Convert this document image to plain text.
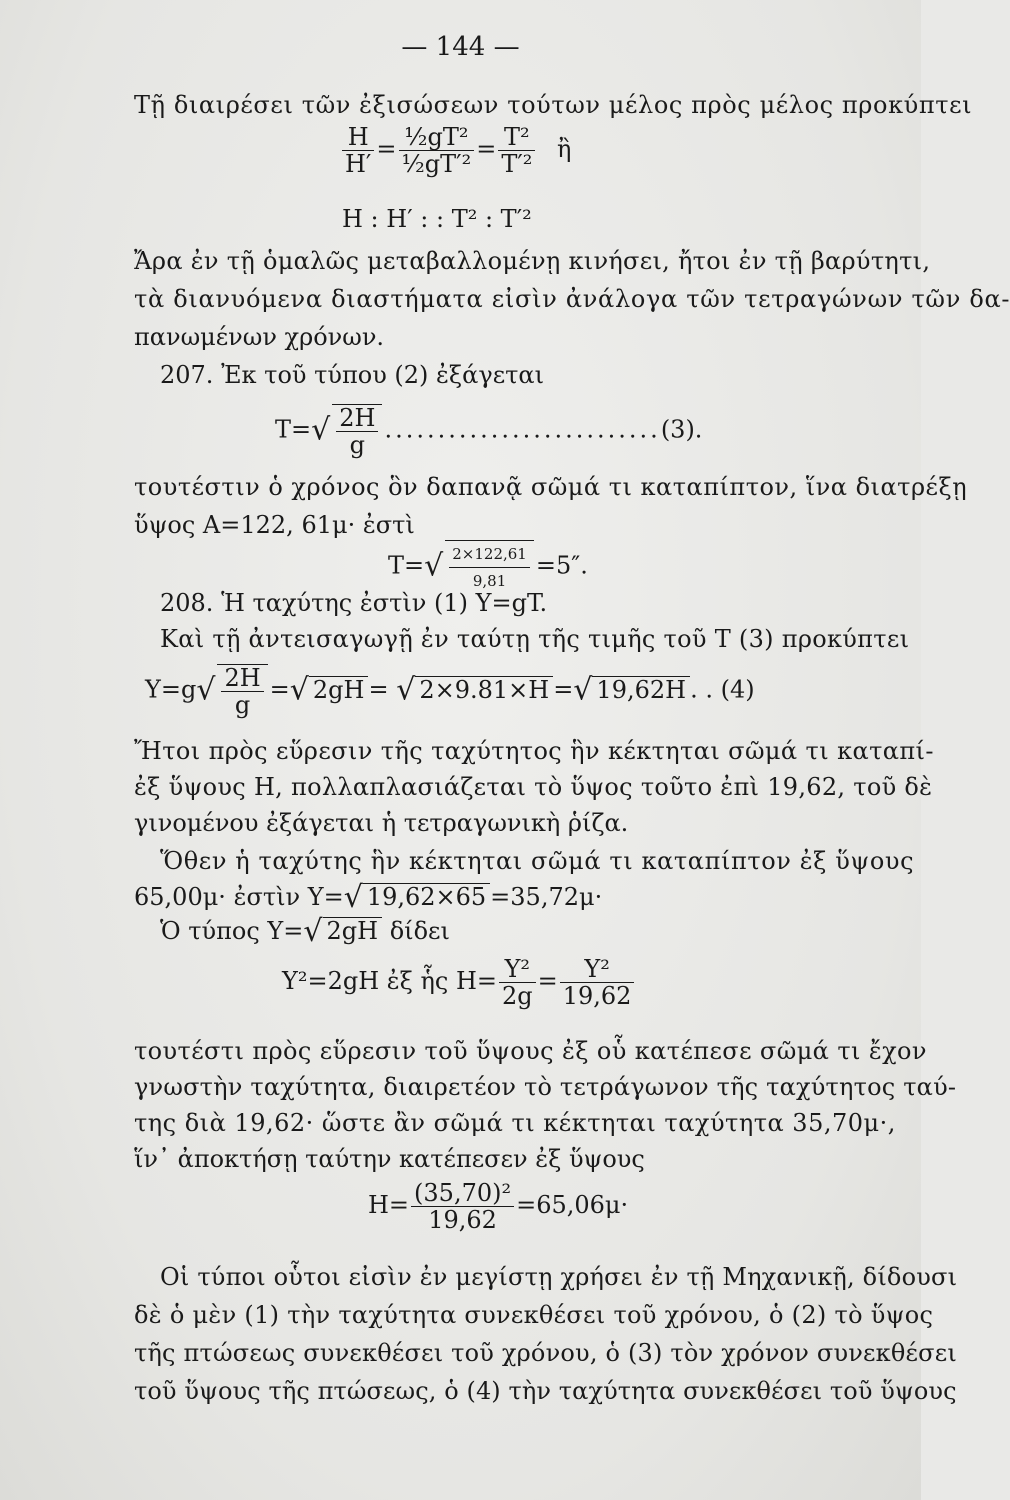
— 144 —
Τῇ διαιρέσει τῶν ἐξισώσεων τούτων μέλος πρὸς μέλος προκύπτει
$\frac{H}{H'} = \frac{\text{½gT²}}{\text{½gT′²}} = \frac{\text{T²}}{\text{T′²}}$ ἢ
H : H′ : : T² : T′²
Ἄρα ἐν τῇ ὁμαλῶς μεταβαλλομένῃ κινήσει, ἤτοι ἐν τῇ βαρύτητι,
τὰ διανυόμενα διαστήματα εἰσὶν ἀνάλογα τῶν τετραγώνων τῶν δα-
πανωμένων χρόνων.
207. Ἐκ τοῦ τύπου (2) ἐξάγεται
$T=√ \frac{2H}{g} ..........................(3)$.
τουτέστιν ὁ χρόνος ὃν δαπανᾷ σῶμά τι καταπίπτον, ἵνα διατρέξῃ
ὕψος A=122, 61μ· ἐστὶ
$T=√ \frac{2\times 122,61}{9,81} =5''$.
208. Ἡ ταχύτης ἐστὶν (1) Y=gT.
Καὶ τῇ ἀντεισαγωγῇ ἐν ταύτῃ τῆς τιμῆς τοῦ T (3) προκύπτει
$Y=g√ \frac{2H}{g}$ =√ 2gH = √ 2×9.81×H =√ 19,62H . . (4)
Ἤτοι πρὸς εὕρεσιν τῆς ταχύτητος ἣν κέκτηται σῶμά τι καταπί-
ἐξ ὕψους H, πολλαπλασιάζεται τὸ ὕψος τοῦτο ἐπὶ 19,62, τοῦ δὲ
γινομένου ἐξάγεται ἡ τετραγωνικὴ ῥίζα.
Ὅθεν ἡ ταχύτης ἣν κέκτηται σῶμά τι καταπίπτον ἐξ ὕψους
65,00μ· ἐστὶν Y=√ 19,62×65 =35,72μ·
Ὁ τύπος Y=√ 2gH δίδει
Y²=2gH ἐξ ἧς $H= \frac{\text{Y²}}{2g} = \frac{\text{Y²}}{19,62}$
τουτέστι πρὸς εὕρεσιν τοῦ ὕψους ἐξ οὗ κατέπεσε σῶμά τι ἔχον
γνωστὴν ταχύτητα, διαιρετέον τὸ τετράγωνον τῆς ταχύτητος ταύ-
της διὰ 19,62· ὥστε ἂν σῶμά τι κέκτηται ταχύτητα 35,70μ·,
ἵν᾽ ἀποκτήσῃ ταύτην κατέπεσεν ἐξ ὕψους
$H= \frac{\text{(35,70)²}}{19,62} =65,06\mu\cdot$
Οἱ τύποι οὗτοι εἰσὶν ἐν μεγίστῃ χρήσει ἐν τῇ Μηχανικῇ, δίδουσι
δὲ ὁ μὲν (1) τὴν ταχύτητα συνεκθέσει τοῦ χρόνου, ὁ (2) τὸ ὕψος
τῆς πτώσεως συνεκθέσει τοῦ χρόνου, ὁ (3) τὸν χρόνον συνεκθέσει
τοῦ ὕψους τῆς πτώσεως, ὁ (4) τὴν ταχύτητα συνεκθέσει τοῦ ὕψους
